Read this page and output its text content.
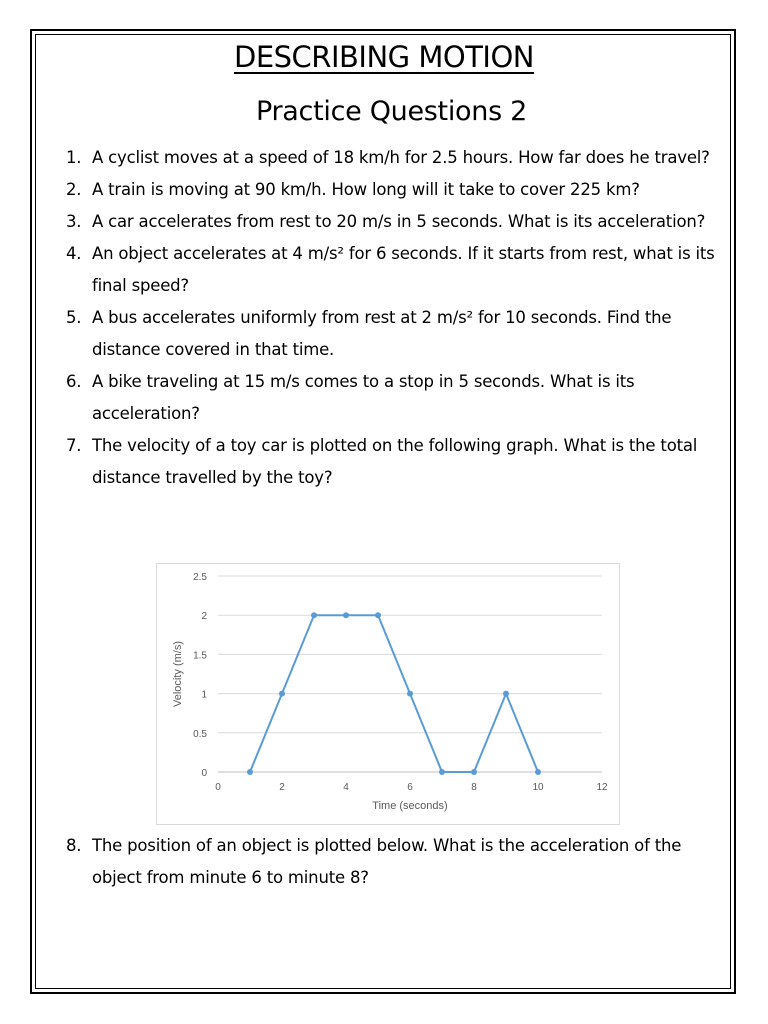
DESCRIBING MOTION
Practice Questions 2
1. A cyclist moves at a speed of 18 km/h for 2.5 hours. How far does he travel?
2. A train is moving at 90 km/h. How long will it take to cover 225 km?
3. A car accelerates from rest to 20 m/s in 5 seconds. What is its acceleration?
4. An object accelerates at 4 m/s² for 6 seconds. If it starts from rest, what is its final speed?
5. A bus accelerates uniformly from rest at 2 m/s² for 10 seconds. Find the distance covered in that time.
6. A bike traveling at 15 m/s comes to a stop in 5 seconds. What is its acceleration?
7. The velocity of a toy car is plotted on the following graph. What is the total distance travelled by the toy?
0
0.5
1
1.5
2
2.5
0	2	4	6	8	10	12
Time (seconds)
Velocity (m/s)
8. The position of an object is plotted below. What is the acceleration of the object from minute 6 to minute 8?
